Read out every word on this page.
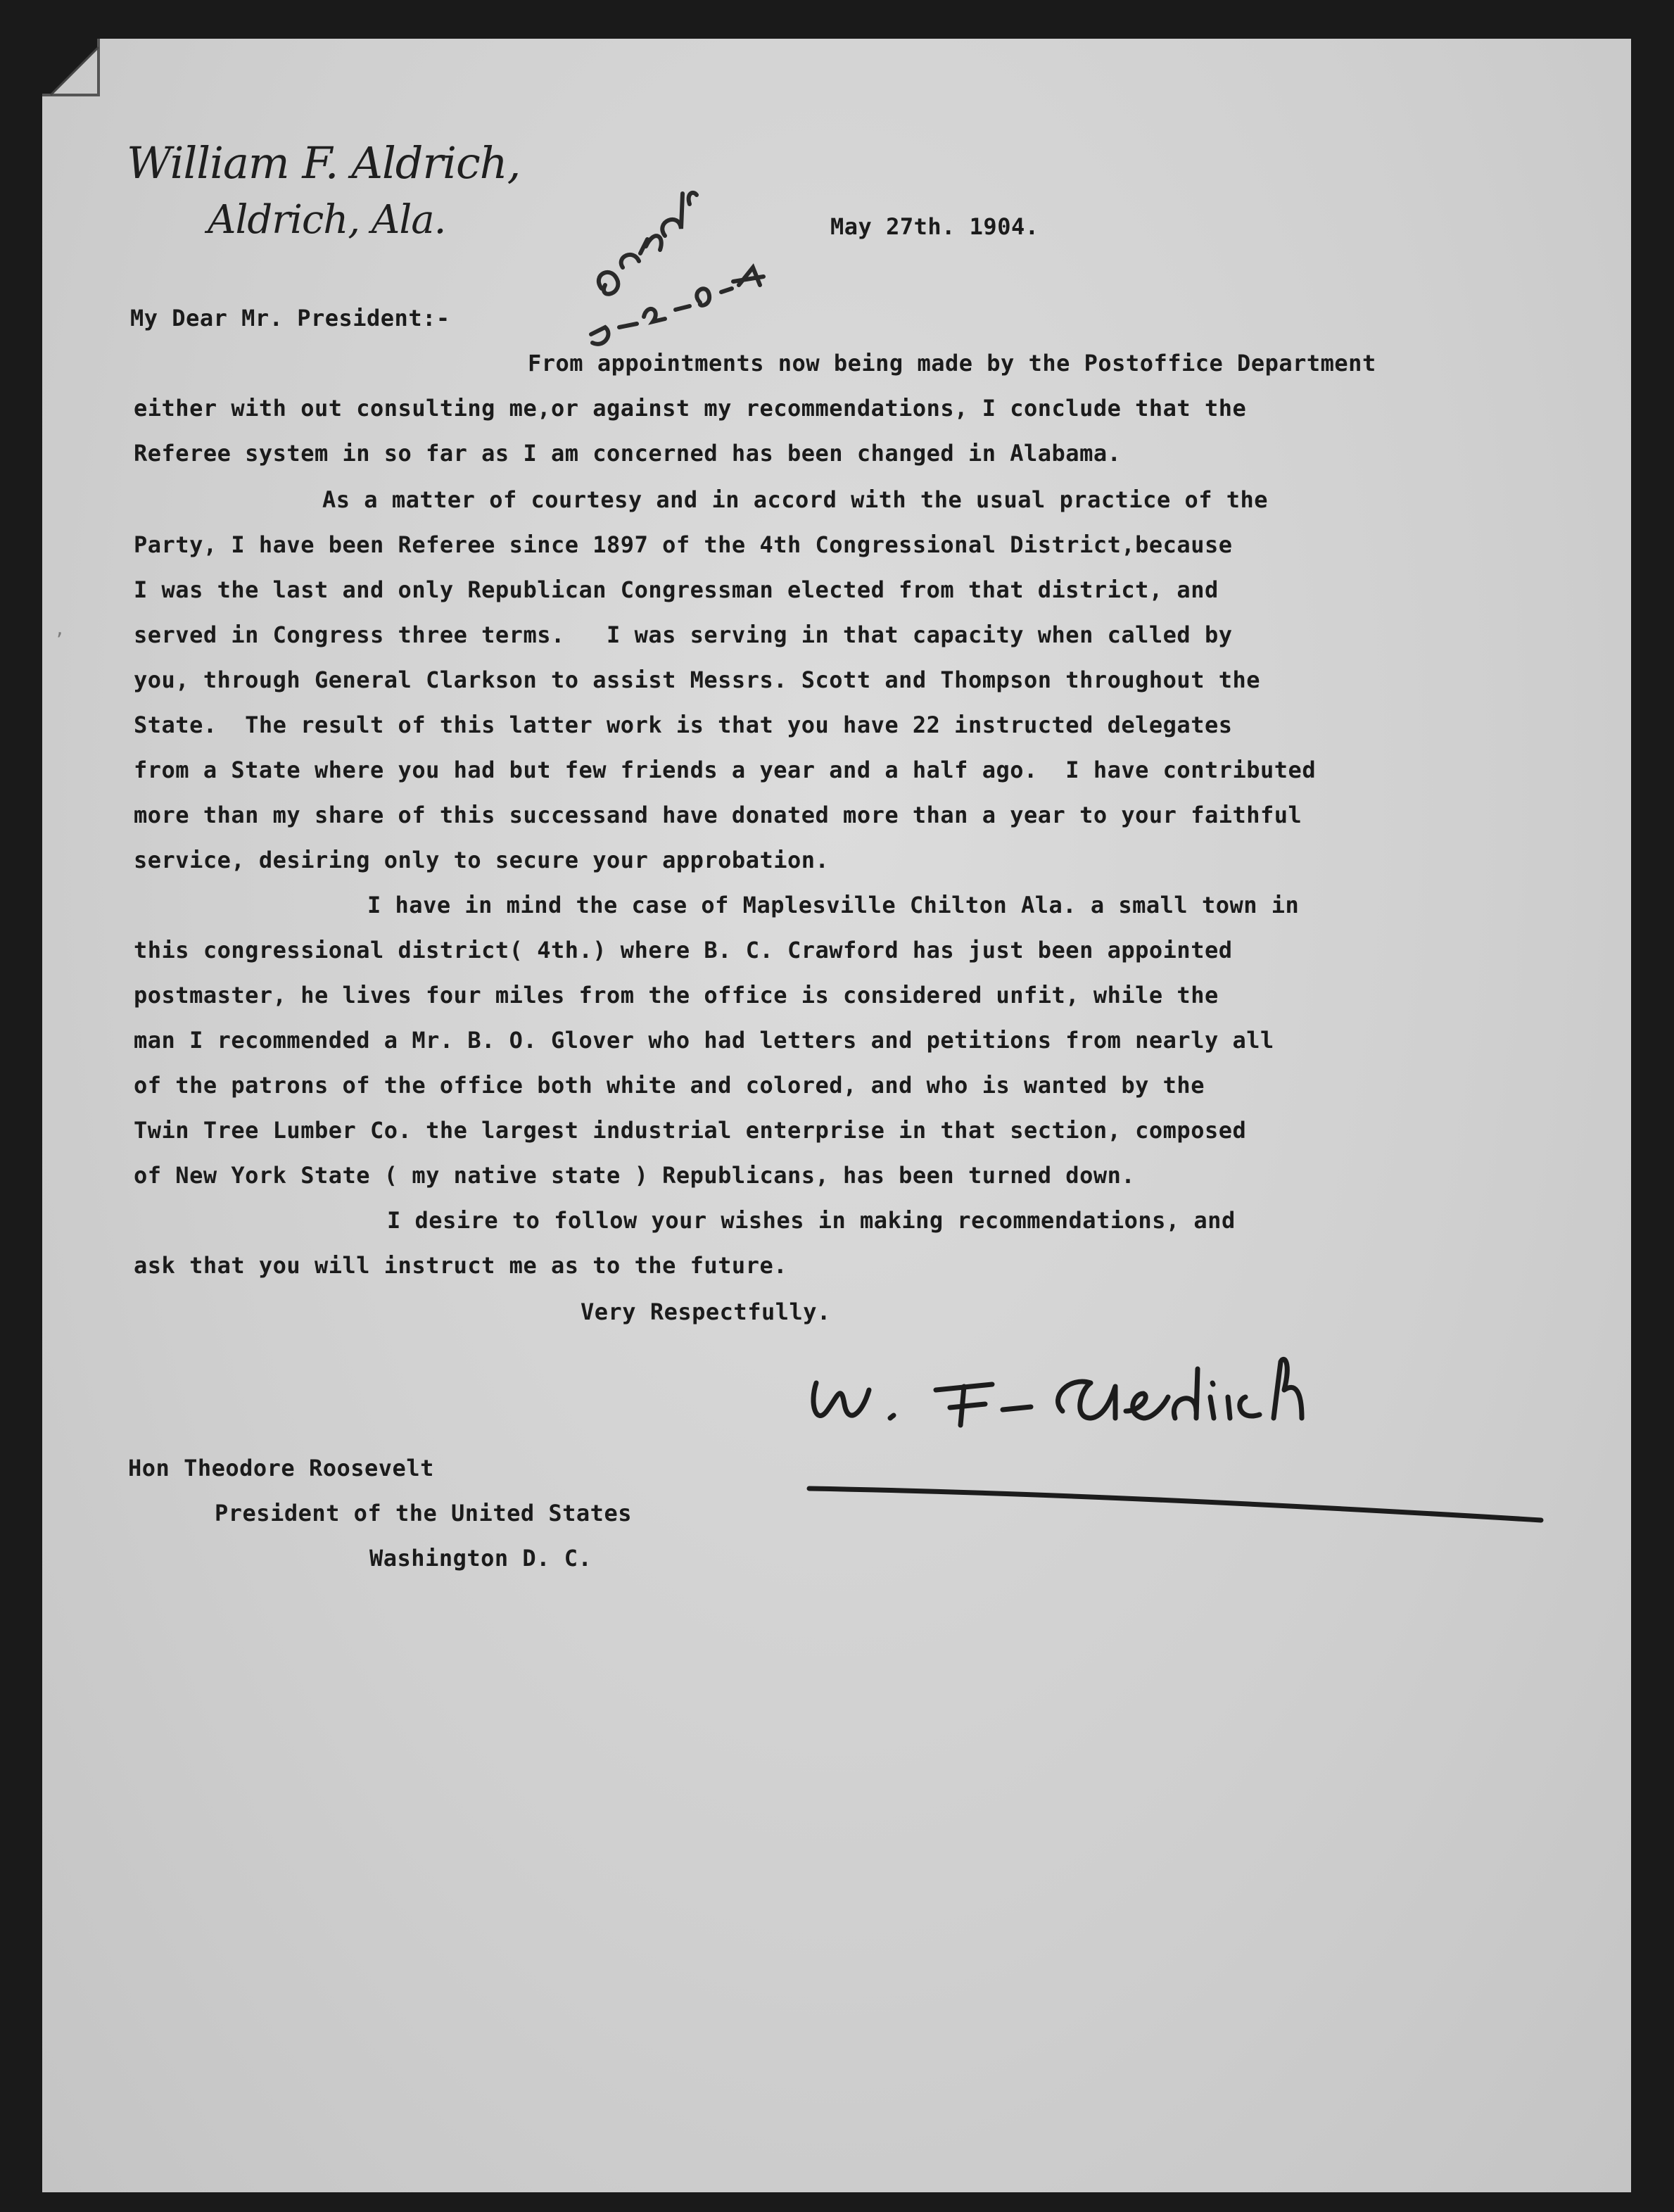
William F. Aldrich,
Aldrich, Ala.	May 27th. 1904.
My Dear Mr. President:-
From appointments now being made by the Postoffice Department
either with out consulting me,or against my recommendations, I conclude that the
Referee system in so far as I am concerned has been changed in Alabama.
As a matter of courtesy and in accord with the usual practice of the
Party, I have been Referee since 1897 of the 4th Congressional District,because
I was the last and only Republican Congressman elected from that district, and
served in Congress three terms.   I was serving in that capacity when called by
you, through General Clarkson to assist Messrs. Scott and Thompson throughout the
State.  The result of this latter work is that you have 22 instructed delegates
from a State where you had but few friends a year and a half ago.  I have contributed
more than my share of this successand have donated more than a year to your faithful
service, desiring only to secure your approbation.
I have in mind the case of Maplesville Chilton Ala. a small town in
this congressional district( 4th.) where B. C. Crawford has just been appointed
postmaster, he lives four miles from the office is considered unfit, while the
man I recommended a Mr. B. O. Glover who had letters and petitions from nearly all
of the patrons of the office both white and colored, and who is wanted by the
Twin Tree Lumber Co. the largest industrial enterprise in that section, composed
of New York State ( my native state ) Republicans, has been turned down.
I desire to follow your wishes in making recommendations, and
ask that you will instruct me as to the future.
Very Respectfully.
Hon Theodore Roosevelt
President of the United States
Washington D. C.
,
